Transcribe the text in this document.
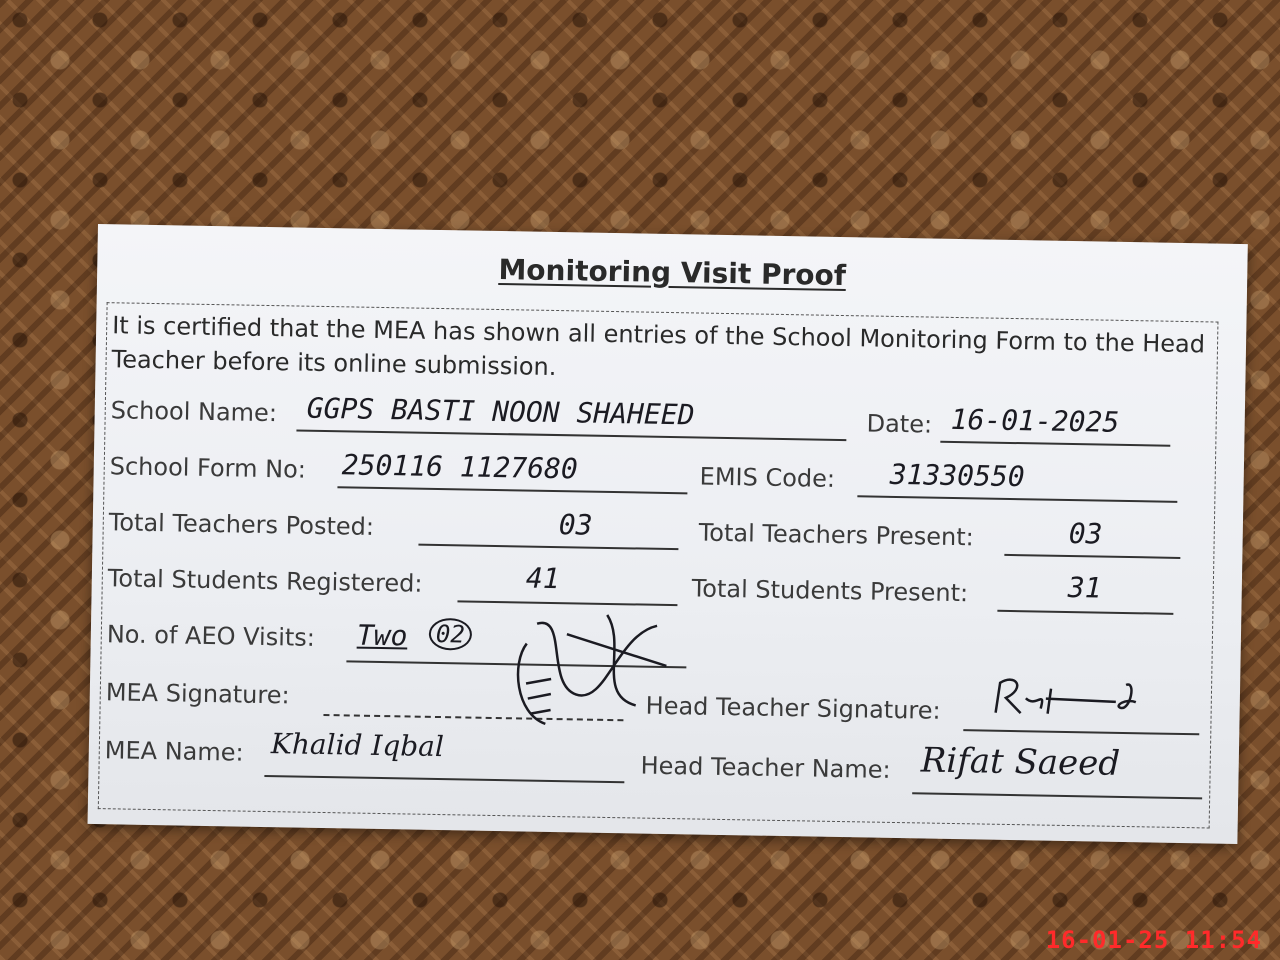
Monitoring Visit Proof
It is certified that the MEA has shown all entries of the School Monitoring Form to the Head Teacher before its online submission.
School Name: GGPS BASTI NOON SHAHEED	Date: 16-01-2025
School Form No: 250116 1127680	EMIS Code: 31330550
Total Teachers Posted:	03	Total Teachers Present:	03
Total Students Registered:	41	Total Students Present:	31
No. of AEO Visits: Two 02
MEA Signature:	Head Teacher Signature:
MEA Name: Khalid Iqbal
Head Teacher Name: Rifat Saeed
16-01-25 11:54
